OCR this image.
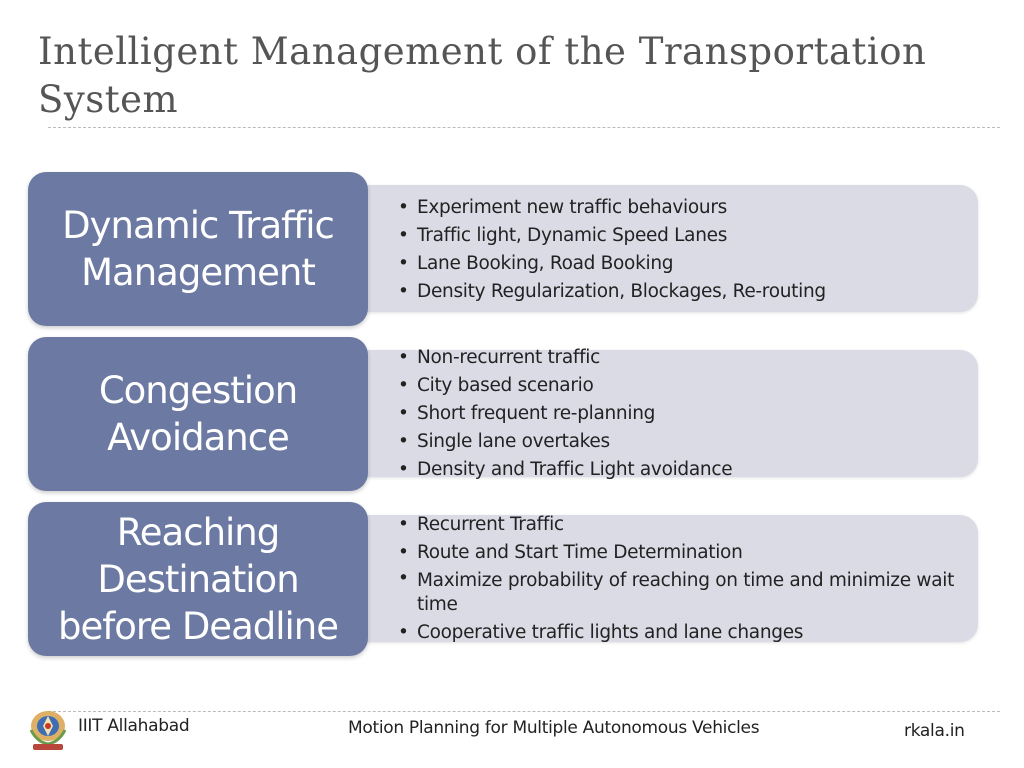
Intelligent Management of the Transportation System
Dynamic Traffic
Management
• Experiment new traffic behaviours
• Traffic light, Dynamic Speed Lanes
• Lane Booking, Road Booking
• Density Regularization, Blockages, Re-routing
Congestion
Avoidance
• Non-recurrent traffic
• City based scenario
• Short frequent re-planning
• Single lane overtakes
• Density and Traffic Light avoidance
Reaching
Destination
before Deadline
• Recurrent Traffic
• Route and Start Time Determination
• Maximize probability of reaching on time and minimize wait time
• Cooperative traffic lights and lane changes
IIIT Allahabad	Motion Planning for Multiple Autonomous Vehicles	rkala.in
